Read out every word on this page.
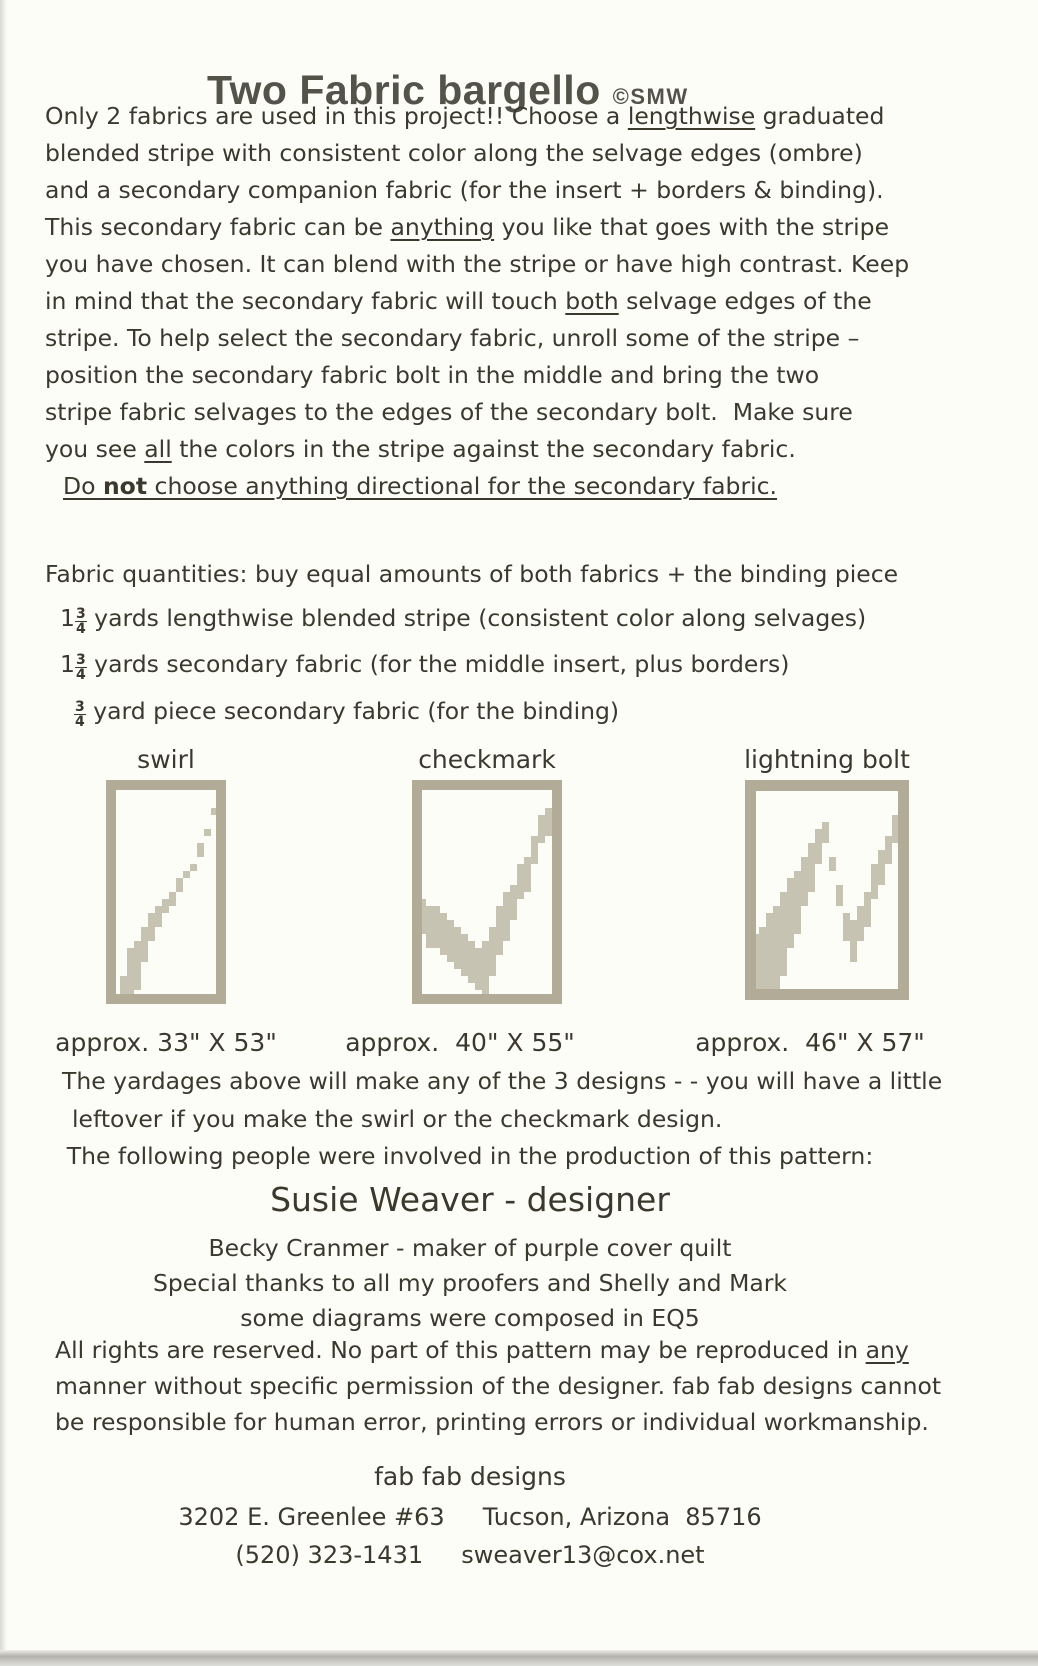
Two Fabric bargello ©SMW
Only 2 fabrics are used in this project!! Choose a lengthwise graduated
blended stripe with consistent color along the selvage edges (ombre)
and a secondary companion fabric (for the insert + borders & binding).
This secondary fabric can be anything you like that goes with the stripe
you have chosen. It can blend with the stripe or have high contrast. Keep
in mind that the secondary fabric will touch both selvage edges of the
stripe. To help select the secondary fabric, unroll some of the stripe –
position the secondary fabric bolt in the middle and bring the two
stripe fabric selvages to the edges of the secondary bolt.  Make sure
you see all the colors in the stripe against the secondary fabric.
Do not choose anything directional for the secondary fabric.
Fabric quantities: buy equal amounts of both fabrics + the binding piece
$1 \frac{3}{4}$ yards lengthwise blended stripe (consistent color along selvages)
$1 \frac{3}{4}$ yards secondary fabric (for the middle insert, plus borders)
$\frac{3}{4}$ yard piece secondary fabric (for the binding)
swirl	checkmark	lightning bolt
approx. 33" X 53"	approx.  40" X 55"	approx.  46" X 57"
The yardages above will make any of the 3 designs - - you will have a little
leftover if you make the swirl or the checkmark design.
The following people were involved in the production of this pattern:
Susie Weaver - designer
Becky Cranmer - maker of purple cover quilt
Special thanks to all my proofers and Shelly and Mark
some diagrams were composed in EQ5
All rights are reserved. No part of this pattern may be reproduced in any
manner without specific permission of the designer. fab fab designs cannot
be responsible for human error, printing errors or individual workmanship.
fab fab designs
3202 E. Greenlee #63     Tucson, Arizona  85716
(520) 323-1431     sweaver13@cox.net
